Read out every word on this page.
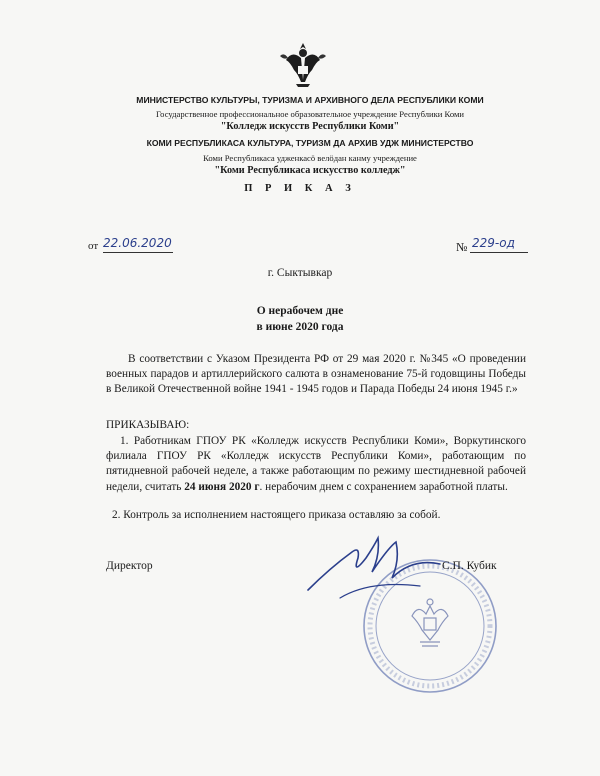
МИНИСТЕРСТВО КУЛЬТУРЫ, ТУРИЗМА И АРХИВНОГО ДЕЛА РЕСПУБЛИКИ КОМИ
Государственное профессиональное образовательное учреждение Республики Коми
"Колледж искусств Республики Коми"
КОМИ РЕСПУБЛИКАСА КУЛЬТУРА, ТУРИЗМ ДА АРХИВ УДЖ МИНИСТЕРСТВО
Коми Республикаса удженкасӧ велӧдан канму учреждение
"Коми Республикаса искусство колледж"
П Р И К А З
от 22.06.2020	№ 229-од
г. Сыктывкар
О нерабочем дне
в июне 2020 года
В соответствии с Указом Президента РФ от 29 мая 2020 г. №345 «О проведении военных парадов и артиллерийского салюта в ознаменование 75-й годовщины Победы в Великой Отечественной войне 1941 - 1945 годов и Парада Победы 24 июня 1945 г.»
ПРИКАЗЫВАЮ:
1. Работникам ГПОУ РК «Колледж искусств Республики Коми», Воркутинского филиала ГПОУ РК «Колледж искусств Республики Коми», работающим по пятидневной рабочей неделе, а также работающим по режиму шестидневной рабочей недели, считать 24 июня 2020 г. нерабочим днем с сохранением заработной платы.
2. Контроль за исполнением настоящего приказа оставляю за собой.
Директор	С.П. Кубик
